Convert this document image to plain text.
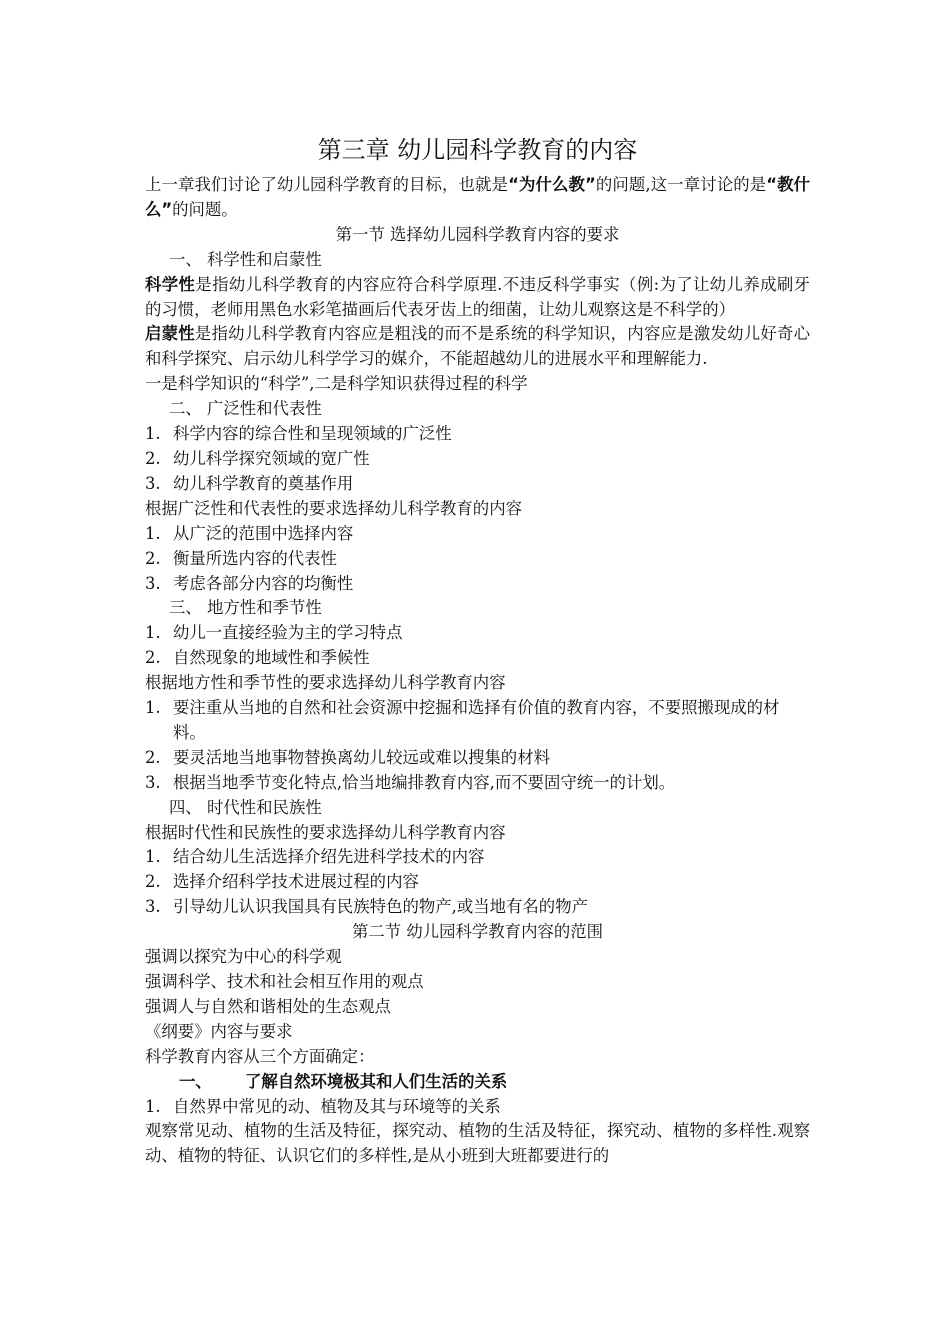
第三章 幼儿园科学教育的内容
上一章我们讨论了幼儿园科学教育的目标，也就是“为什么教”的问题,这一章讨论的是“教什么”的问题。
第一节 选择幼儿园科学教育内容的要求
一、 科学性和启蒙性
科学性是指幼儿科学教育的内容应符合科学原理.不违反科学事实（例:为了让幼儿养成刷牙的习惯，老师用黑色水彩笔描画后代表牙齿上的细菌，让幼儿观察这是不科学的）
启蒙性是指幼儿科学教育内容应是粗浅的而不是系统的科学知识，内容应是激发幼儿好奇心和科学探究、启示幼儿科学学习的媒介，不能超越幼儿的进展水平和理解能力.
一是科学知识的“科学”,二是科学知识获得过程的科学
二、 广泛性和代表性
1. 科学内容的综合性和呈现领域的广泛性
2. 幼儿科学探究领域的宽广性
3. 幼儿科学教育的奠基作用
根据广泛性和代表性的要求选择幼儿科学教育的内容
1. 从广泛的范围中选择内容
2. 衡量所选内容的代表性
3. 考虑各部分内容的均衡性
三、 地方性和季节性
1. 幼儿一直接经验为主的学习特点
2. 自然现象的地域性和季候性
根据地方性和季节性的要求选择幼儿科学教育内容
1. 要注重从当地的自然和社会资源中挖掘和选择有价值的教育内容，不要照搬现成的材料。
2. 要灵活地当地事物替换离幼儿较远或难以搜集的材料
3. 根据当地季节变化特点,恰当地编排教育内容,而不要固守统一的计划。
四、 时代性和民族性
根据时代性和民族性的要求选择幼儿科学教育内容
1. 结合幼儿生活选择介绍先进科学技术的内容
2. 选择介绍科学技术进展过程的内容
3. 引导幼儿认识我国具有民族特色的物产,或当地有名的物产
第二节 幼儿园科学教育内容的范围
强调以探究为中心的科学观
强调科学、技术和社会相互作用的观点
强调人与自然和谐相处的生态观点
《纲要》内容与要求
科学教育内容从三个方面确定：
一、 了解自然环境极其和人们生活的关系
1. 自然界中常见的动、植物及其与环境等的关系
观察常见动、植物的生活及特征，探究动、植物的生活及特征，探究动、植物的多样性.观察动、植物的特征、认识它们的多样性,是从小班到大班都要进行的
